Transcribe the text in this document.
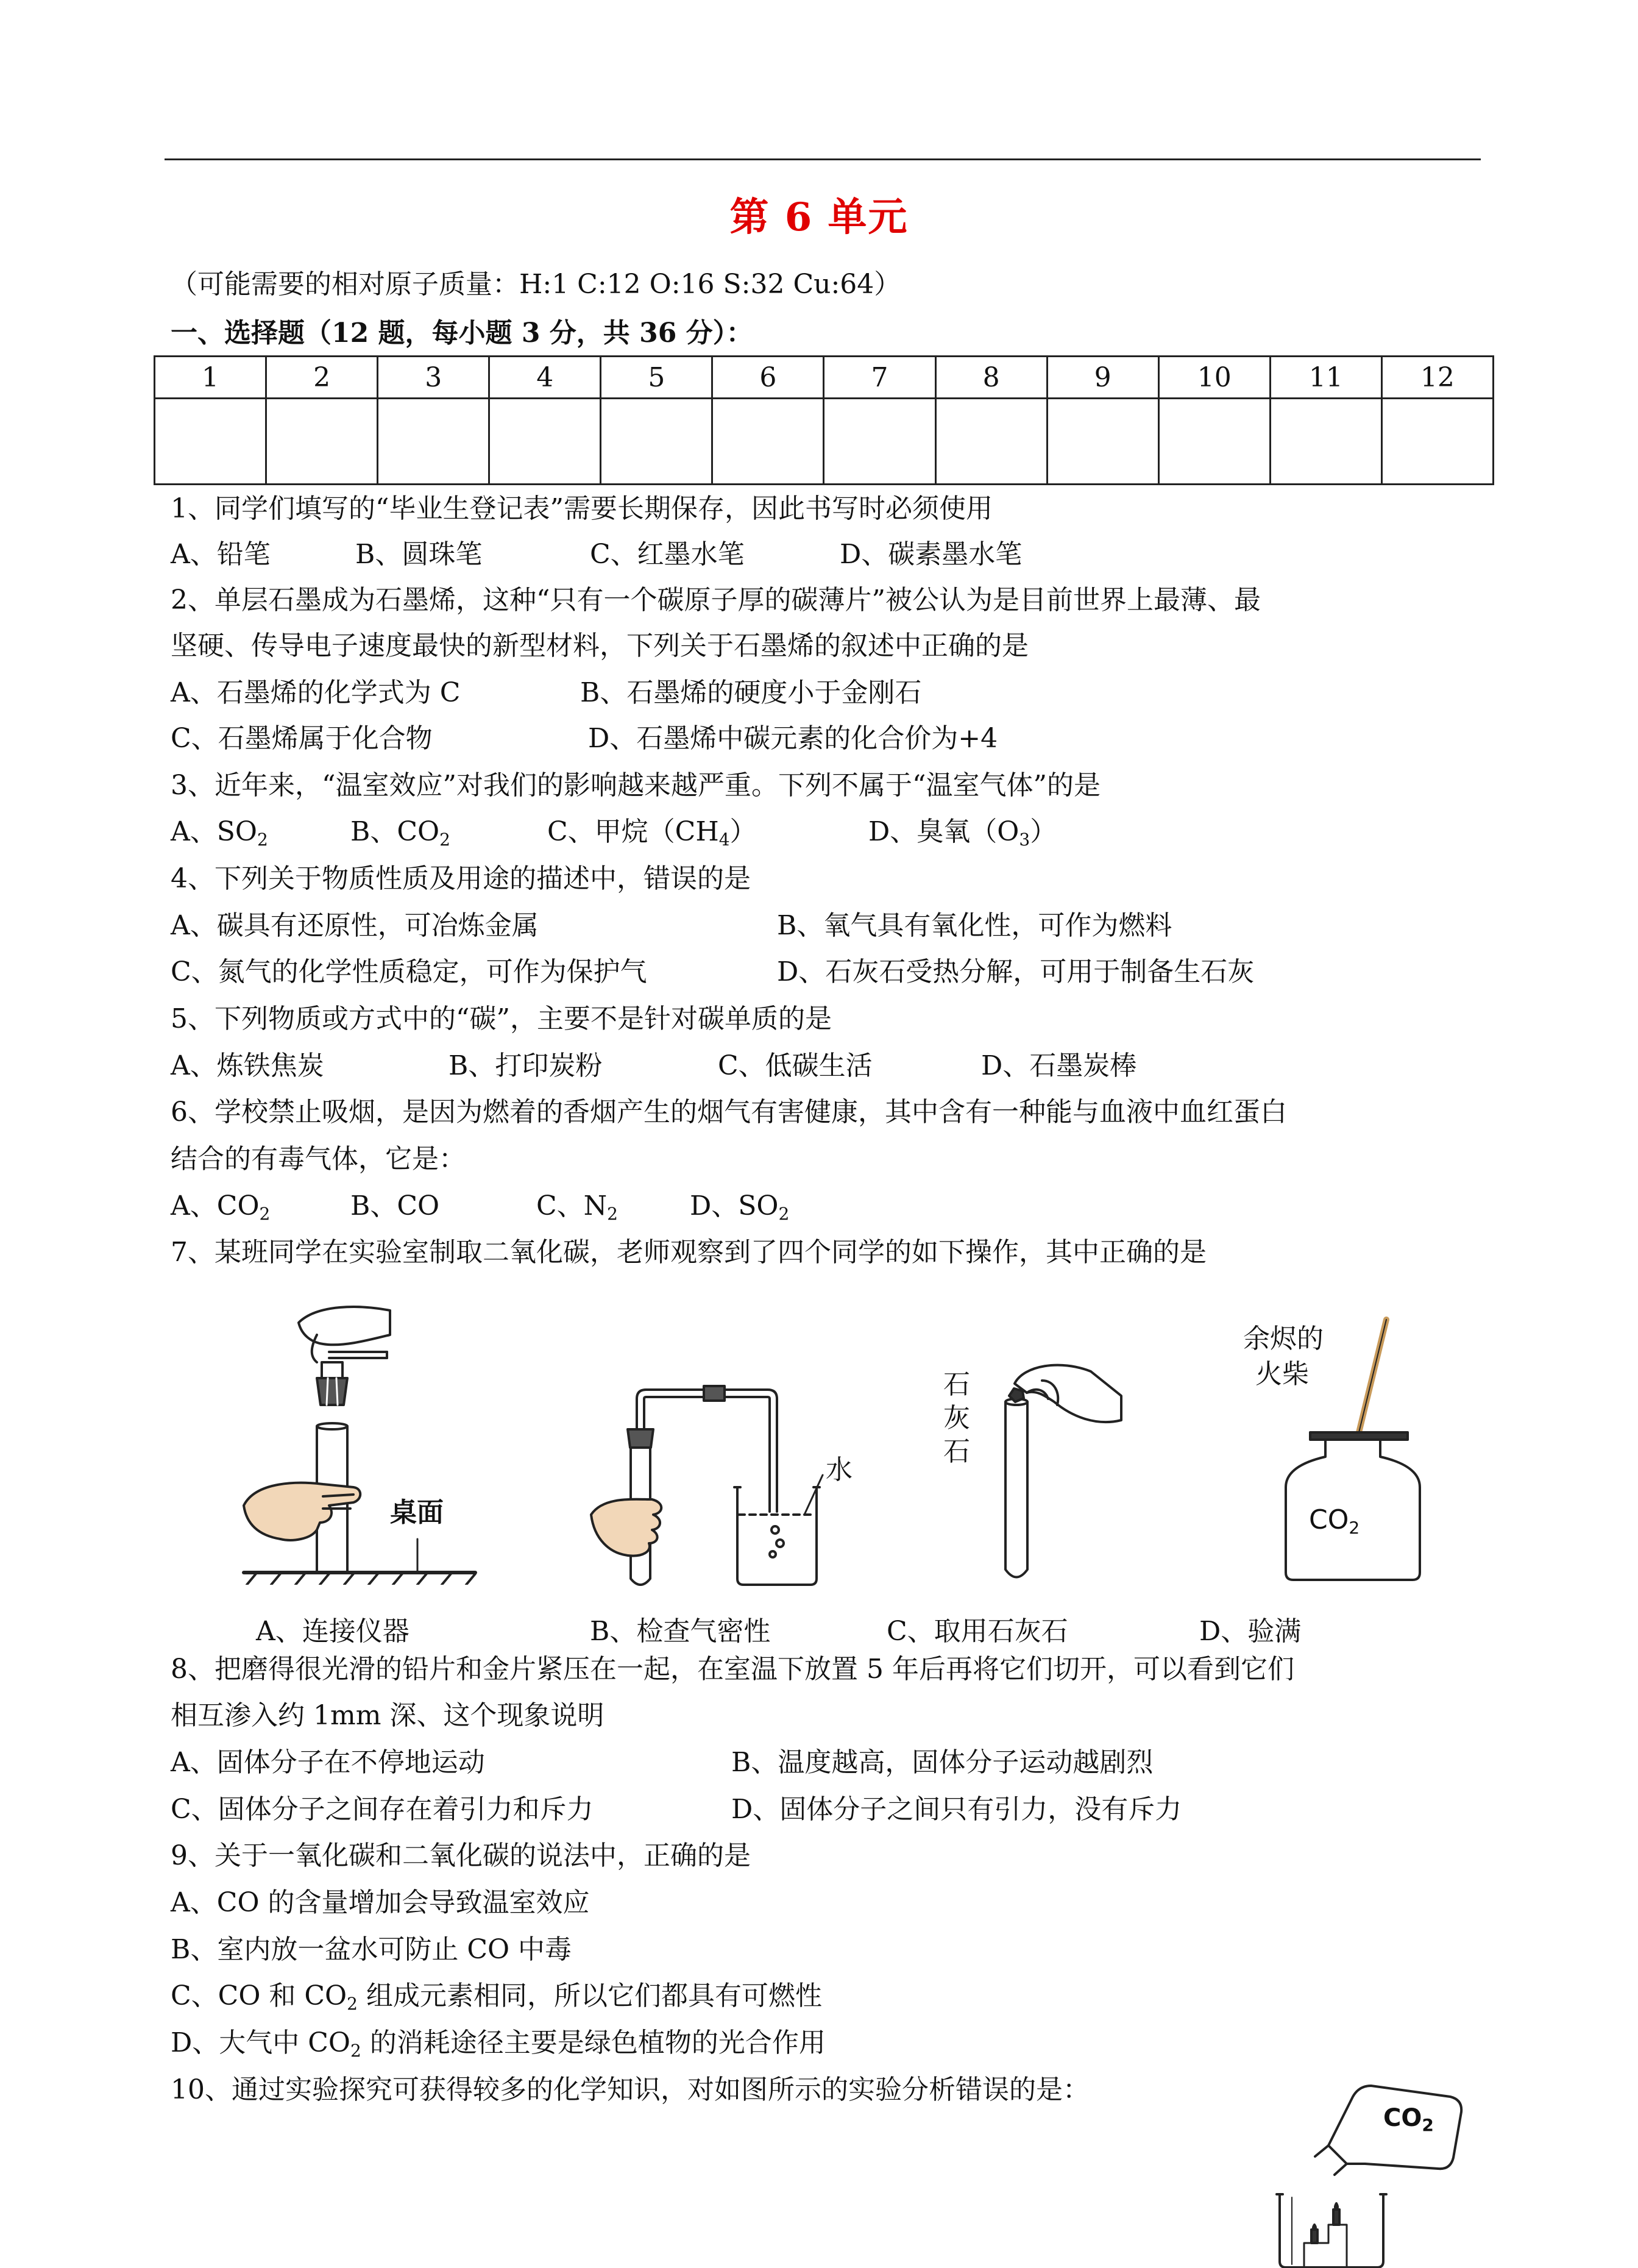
第 6 单元
（可能需要的相对原子质量：H:1 C:12 O:16 S:32 Cu:64）
一、选择题（12 题，每小题 3 分，共 36 分）：
1	2	3	4	5	6	7	8	9	10	11	12

1、同学们填写的“毕业生登记表”需要长期保存，因此书写时必须使用
A、铅笔	B、圆珠笔	C、红墨水笔	D、碳素墨水笔
2、单层石墨成为石墨烯，这种“只有一个碳原子厚的碳薄片”被公认为是目前世界上最薄、最
坚硬、传导电子速度最快的新型材料，下列关于石墨烯的叙述中正确的是
A、石墨烯的化学式为 C	B、石墨烯的硬度小于金刚石
C、石墨烯属于化合物	D、石墨烯中碳元素的化合价为+4
3、近年来，“温室效应”对我们的影响越来越严重。下列不属于“温室气体”的是
A、$SO_2$	B、$CO_2$	C、甲烷$(CH_4)$	D、臭氧$(O_3)$
4、下列关于物质性质及用途的描述中，错误的是
A、碳具有还原性，可冶炼金属	B、氧气具有氧化性，可作为燃料
C、氮气的化学性质稳定，可作为保护气	D、石灰石受热分解，可用于制备生石灰
5、下列物质或方式中的“碳”，主要不是针对碳单质的是
A、炼铁焦炭	B、打印炭粉	C、低碳生活	D、石墨炭棒
6、学校禁止吸烟，是因为燃着的香烟产生的烟气有害健康，其中含有一种能与血液中血红蛋白
结合的有毒气体，它是：
A、$CO_2$	B、CO	C、$N_2$	D、$SO_2$
7、某班同学在实验室制取二氧化碳，老师观察到了四个同学的如下操作，其中正确的是
桌面
水
石
灰
石
余烬的
火柴
$CO_2$
A、连接仪器	B、检查气密性	C、取用石灰石	D、验满
8、把磨得很光滑的铅片和金片紧压在一起，在室温下放置 5 年后再将它们切开，可以看到它们
相互渗入约 1mm 深、这个现象说明
A、固体分子在不停地运动	B、温度越高，固体分子运动越剧烈
C、固体分子之间存在着引力和斥力	D、固体分子之间只有引力，没有斥力
9、关于一氧化碳和二氧化碳的说法中，正确的是
A、CO 的含量增加会导致温室效应
B、室内放一盆水可防止 CO 中毒
C、CO 和 $CO_2$ 组成元素相同，所以它们都具有可燃性
D、大气中 $CO_2$ 的消耗途径主要是绿色植物的光合作用
10、通过实验探究可获得较多的化学知识，对如图所示的实验分析错误的是：
$CO_2$
